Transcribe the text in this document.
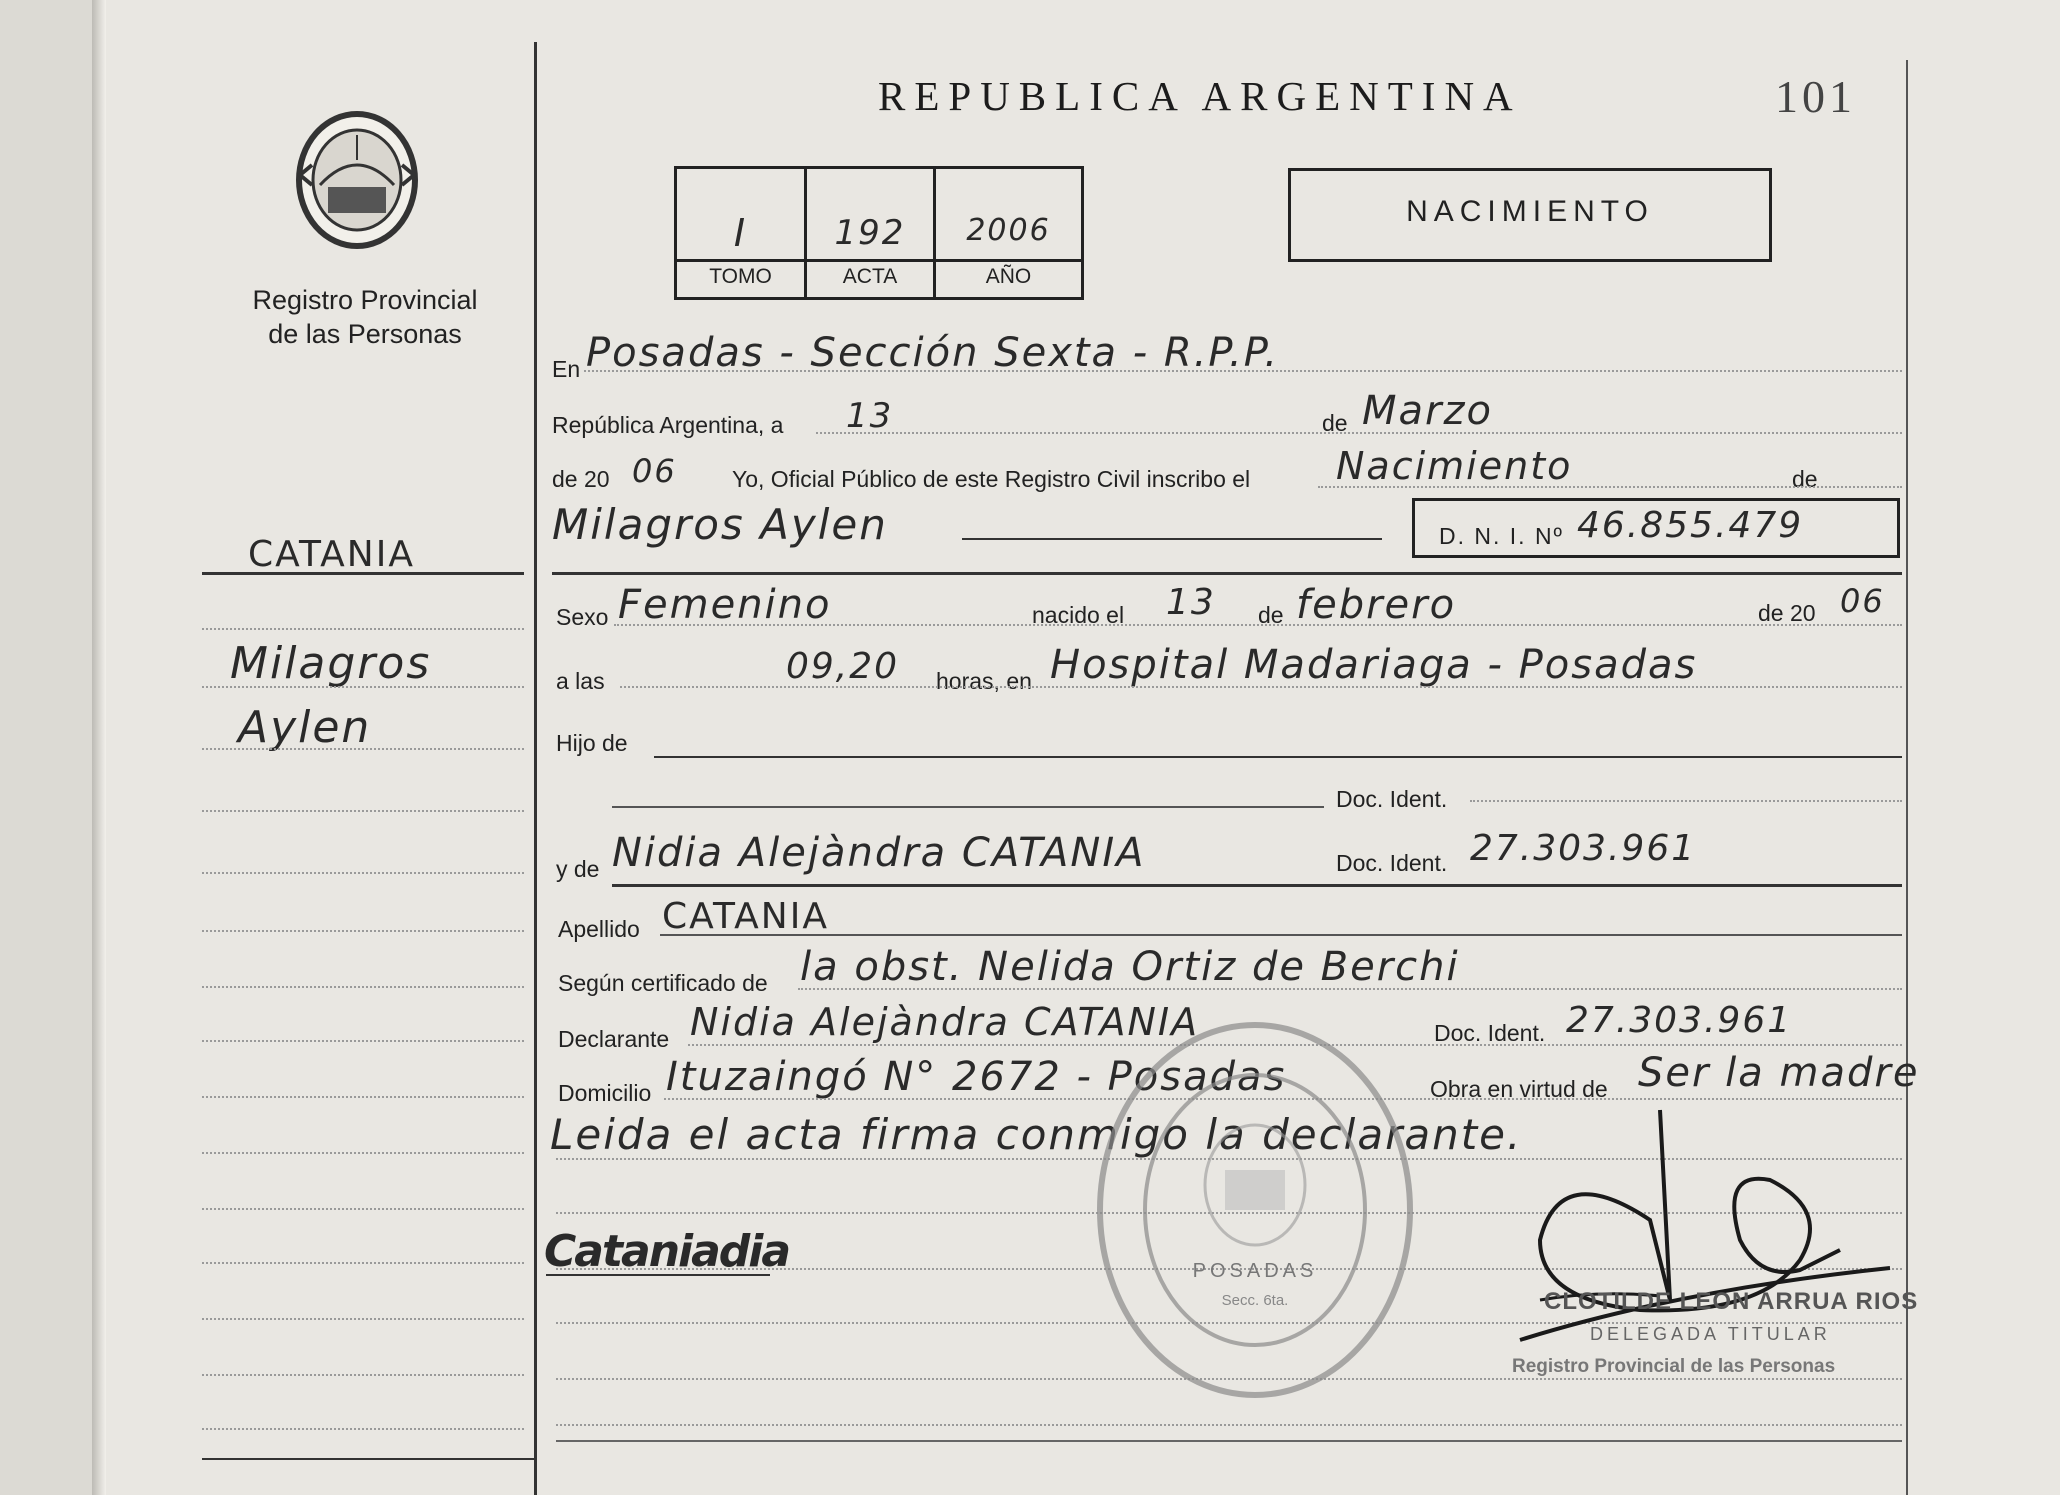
Registro Provincial
de las Personas
REPUBLICA ARGENTINA	101
I	192	2006
TOMO	ACTA	AÑO
NACIMIENTO
CATANIA
Milagros
Aylen
En Posadas - Sección Sexta - R.P.P.
República Argentina, a 13	de Marzo
de 20 06 Yo, Oficial Público de este Registro Civil inscribo el Nacimiento	de
Milagros Aylen	D. N. I. Nº 46.855.479
Sexo Femenino	nacido el 13 de febrero	de 20 06
a las	09,20 horas, en Hospital Madariaga - Posadas
Hijo de
Doc. Ident.
y de Nidia Alejàndra CATANIA	Doc. Ident. 27.303.961
Apellido CATANIA
Según certificado de la obst. Nelida Ortiz de Berchi
Declarante Nidia Alejàndra CATANIA	Doc. Ident. 27.303.961
Domicilio Ituzaingó N° 2672 - Posadas	Obra en virtud de Ser la madre
Leida el acta firma conmigo la declarante.
Cataniadia	POSADAS
Secc. 6ta.	CLOTILDE LEON ARRUA RIOS
DELEGADA TITULAR
Registro Provincial de las Personas
